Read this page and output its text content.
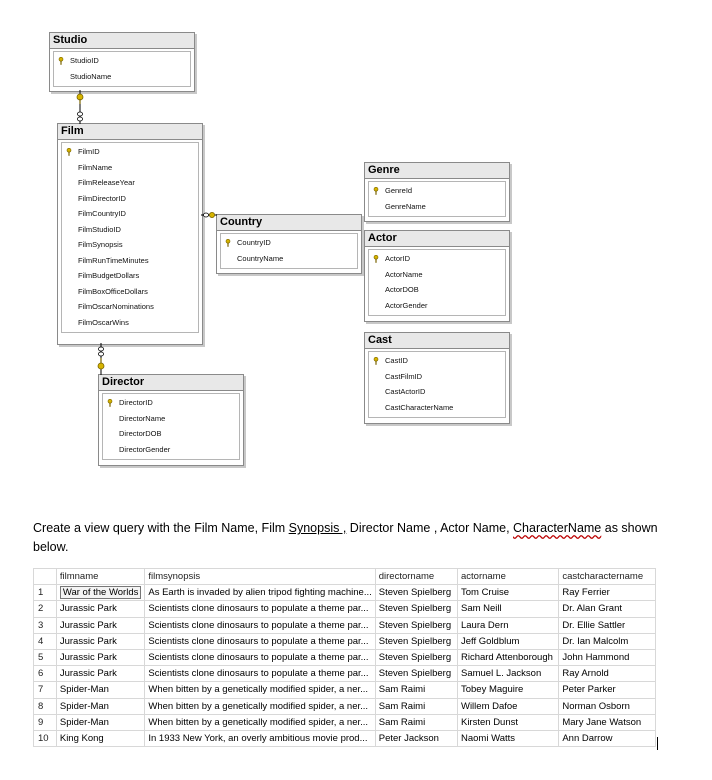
Studio
StudioID
StudioName
Film
FilmID
FilmName
FilmReleaseYear
FilmDirectorID
FilmCountryID
FilmStudioID
FilmSynopsis
FilmRunTimeMinutes
FilmBudgetDollars
FilmBoxOfficeDollars
FilmOscarNominations
FilmOscarWins
Country
CountryID
CountryName
Genre
GenreId
GenreName
Actor
ActorID
ActorName
ActorDOB
ActorGender
Cast
CastID
CastFilmID
CastActorID
CastCharacterName
Director
DirectorID
DirectorName
DirectorDOB
DirectorGender
Create a view query with the Film Name, Film Synopsis , Director Name , Actor Name, CharacterName as shown below.
	filmname	filmsynopsis	directorname	actorname	castcharactername
1	War of the Worlds	As Earth is invaded by alien tripod fighting machine...	Steven Spielberg	Tom Cruise	Ray Ferrier
2	Jurassic Park	Scientists clone dinosaurs to populate a theme par...	Steven Spielberg	Sam Neill	Dr. Alan Grant
3	Jurassic Park	Scientists clone dinosaurs to populate a theme par...	Steven Spielberg	Laura Dern	Dr. Ellie Sattler
4	Jurassic Park	Scientists clone dinosaurs to populate a theme par...	Steven Spielberg	Jeff Goldblum	Dr. Ian Malcolm
5	Jurassic Park	Scientists clone dinosaurs to populate a theme par...	Steven Spielberg	Richard Attenborough	John Hammond
6	Jurassic Park	Scientists clone dinosaurs to populate a theme par...	Steven Spielberg	Samuel L. Jackson	Ray Arnold
7	Spider-Man	When bitten by a genetically modified spider, a ner...	Sam Raimi	Tobey Maguire	Peter Parker
8	Spider-Man	When bitten by a genetically modified spider, a ner...	Sam Raimi	Willem Dafoe	Norman Osborn
9	Spider-Man	When bitten by a genetically modified spider, a ner...	Sam Raimi	Kirsten Dunst	Mary Jane Watson
10	King Kong	In 1933 New York, an overly ambitious movie prod...	Peter Jackson	Naomi Watts	Ann Darrow
